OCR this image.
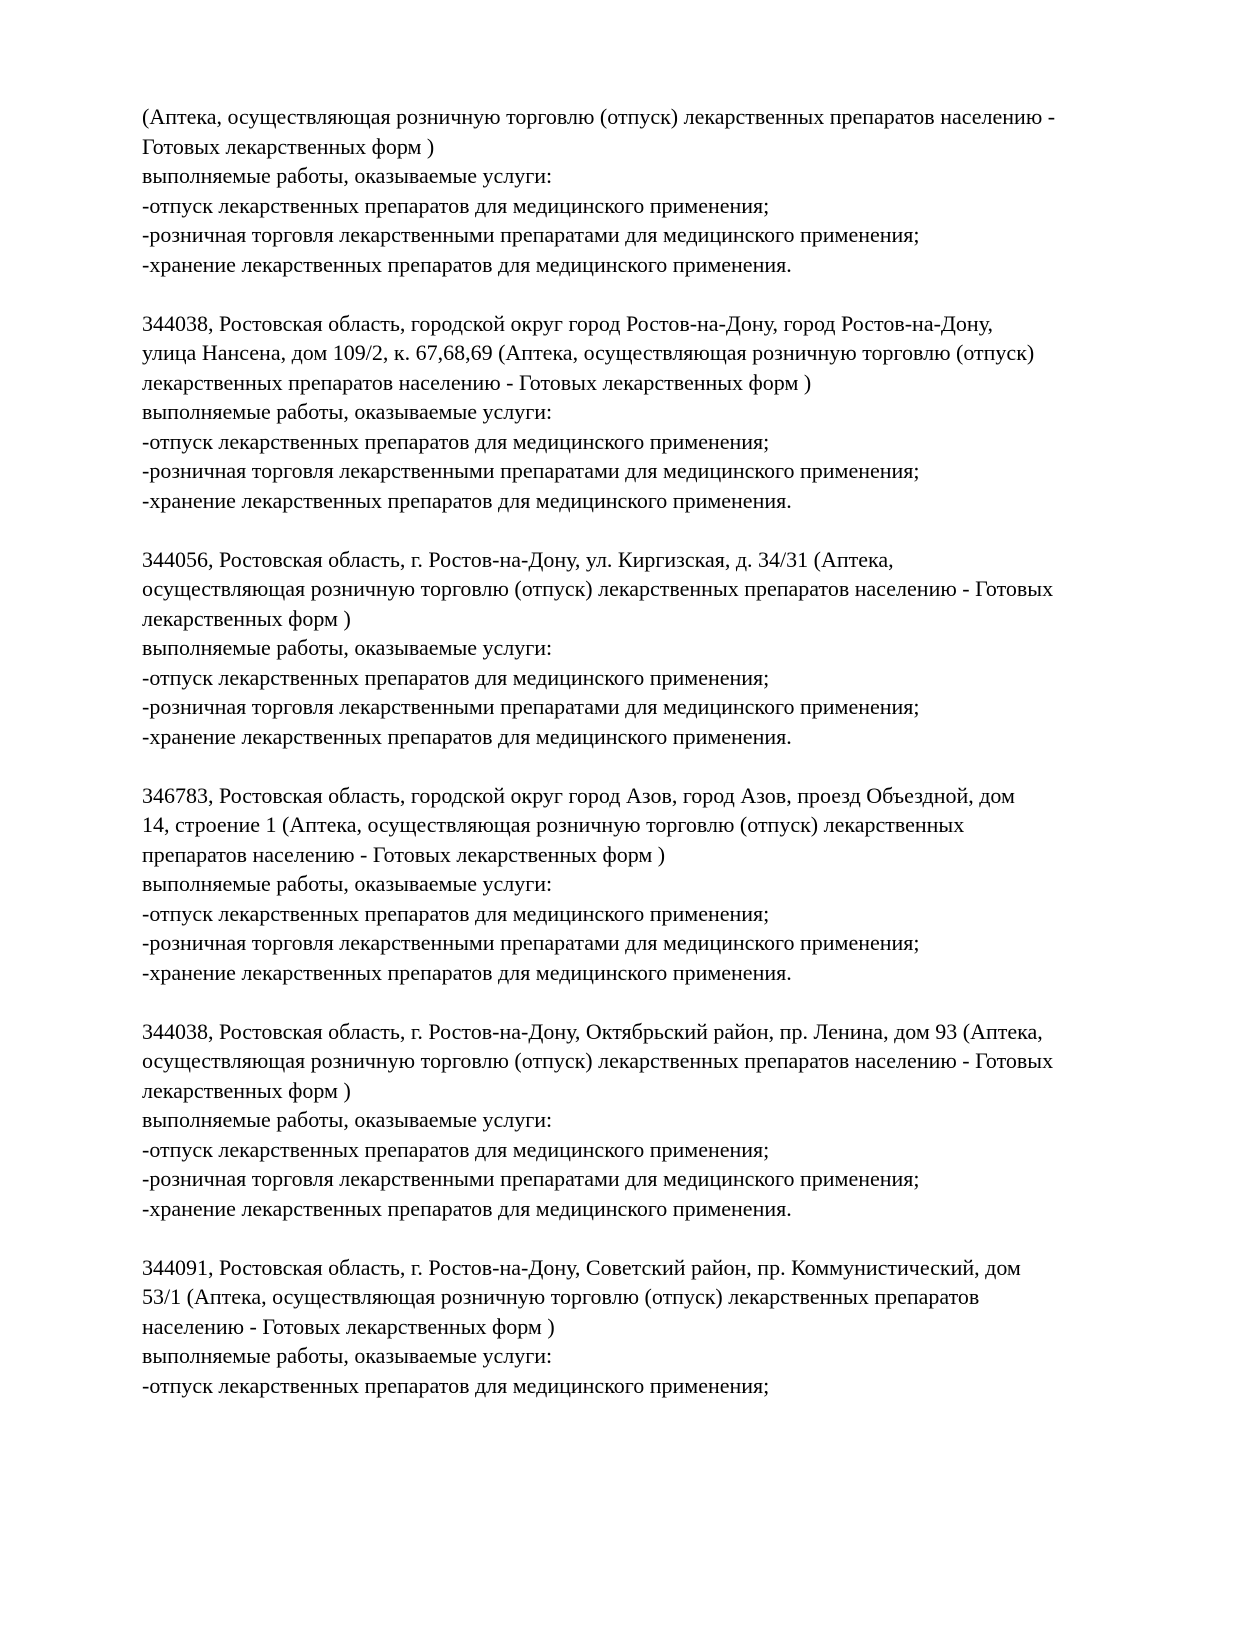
(Аптека, осуществляющая розничную торговлю (отпуск) лекарственных препаратов населению -
Готовых лекарственных форм )
выполняемые работы, оказываемые услуги:
-отпуск лекарственных препаратов для медицинского применения;
-розничная торговля лекарственными препаратами для медицинского применения;
-хранение лекарственных препаратов для медицинского применения.
344038, Ростовская область, городской округ город Ростов-на-Дону, город Ростов-на-Дону,
улица Нансена, дом 109/2, к. 67,68,69 (Аптека, осуществляющая розничную торговлю (отпуск)
лекарственных препаратов населению - Готовых лекарственных форм )
выполняемые работы, оказываемые услуги:
-отпуск лекарственных препаратов для медицинского применения;
-розничная торговля лекарственными препаратами для медицинского применения;
-хранение лекарственных препаратов для медицинского применения.
344056, Ростовская область, г. Ростов-на-Дону, ул. Киргизская, д. 34/31 (Аптека,
осуществляющая розничную торговлю (отпуск) лекарственных препаратов населению - Готовых
лекарственных форм )
выполняемые работы, оказываемые услуги:
-отпуск лекарственных препаратов для медицинского применения;
-розничная торговля лекарственными препаратами для медицинского применения;
-хранение лекарственных препаратов для медицинского применения.
346783, Ростовская область, городской округ город Азов, город Азов, проезд Объездной, дом
14, строение 1 (Аптека, осуществляющая розничную торговлю (отпуск) лекарственных
препаратов населению - Готовых лекарственных форм )
выполняемые работы, оказываемые услуги:
-отпуск лекарственных препаратов для медицинского применения;
-розничная торговля лекарственными препаратами для медицинского применения;
-хранение лекарственных препаратов для медицинского применения.
344038, Ростовская область, г. Ростов-на-Дону, Октябрьский район, пр. Ленина, дом 93 (Аптека,
осуществляющая розничную торговлю (отпуск) лекарственных препаратов населению - Готовых
лекарственных форм )
выполняемые работы, оказываемые услуги:
-отпуск лекарственных препаратов для медицинского применения;
-розничная торговля лекарственными препаратами для медицинского применения;
-хранение лекарственных препаратов для медицинского применения.
344091, Ростовская область, г. Ростов-на-Дону, Советский район, пр. Коммунистический, дом
53/1 (Аптека, осуществляющая розничную торговлю (отпуск) лекарственных препаратов
населению - Готовых лекарственных форм )
выполняемые работы, оказываемые услуги:
-отпуск лекарственных препаратов для медицинского применения;
